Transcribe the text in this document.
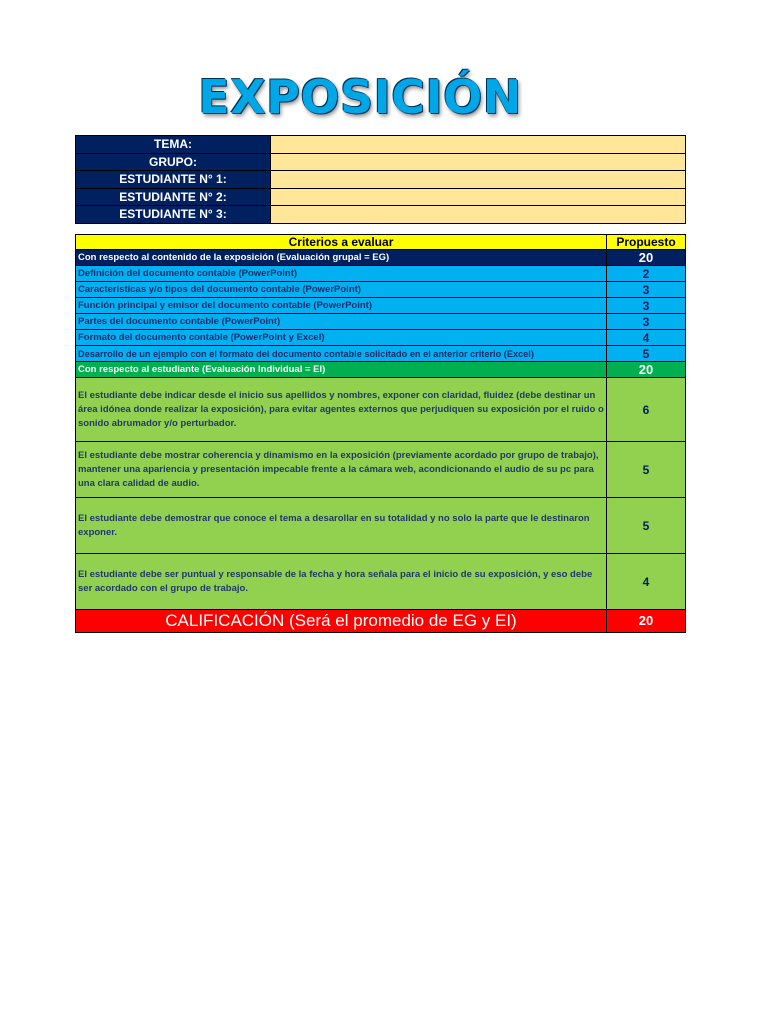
EXPOSICIÓN
TEMA:	
GRUPO:	
ESTUDIANTE N° 1:	
ESTUDIANTE N° 2:	
ESTUDIANTE N° 3:	
Criterios a evaluar	Propuesto
Con respecto al contenido de la exposición (Evaluación grupal = EG)	20
Definición del documento contable (PowerPoint)	2
Características y/o tipos del documento contable (PowerPoint)	3
Función principal y emisor del documento contable (PowerPoint)	3
Partes del documento contable (PowerPoint)	3
Formato del documento contable (PowerPoint y Excel)	4
Desarrollo de un ejemplo con el formato del documento contable solicitado en el anterior criterio (Excel)	5
Con respecto al estudiante (Evaluación Individual = EI)	20
El estudiante debe indicar desde el inicio sus apellidos y nombres, exponer con claridad, fluidez (debe destinar un área idónea donde realizar la exposición), para evitar agentes externos que perjudiquen su exposición por el ruido o sonido abrumador y/o perturbador.	6
El estudiante debe mostrar coherencia y dinamismo en la exposición (previamente acordado por grupo de trabajo), mantener una apariencia y presentación impecable frente a la cámara web, acondicionando el audio de su pc para una clara calidad de audio.	5
El estudiante debe demostrar que conoce el tema a desarollar en su totalidad y no solo la parte que le destinaron exponer.	5
El estudiante debe ser puntual y responsable de la fecha y hora señala para el inicio de su exposición, y eso debe ser acordado con el grupo de trabajo.	4
CALIFICACIÓN (Será el promedio de EG y EI)	20
